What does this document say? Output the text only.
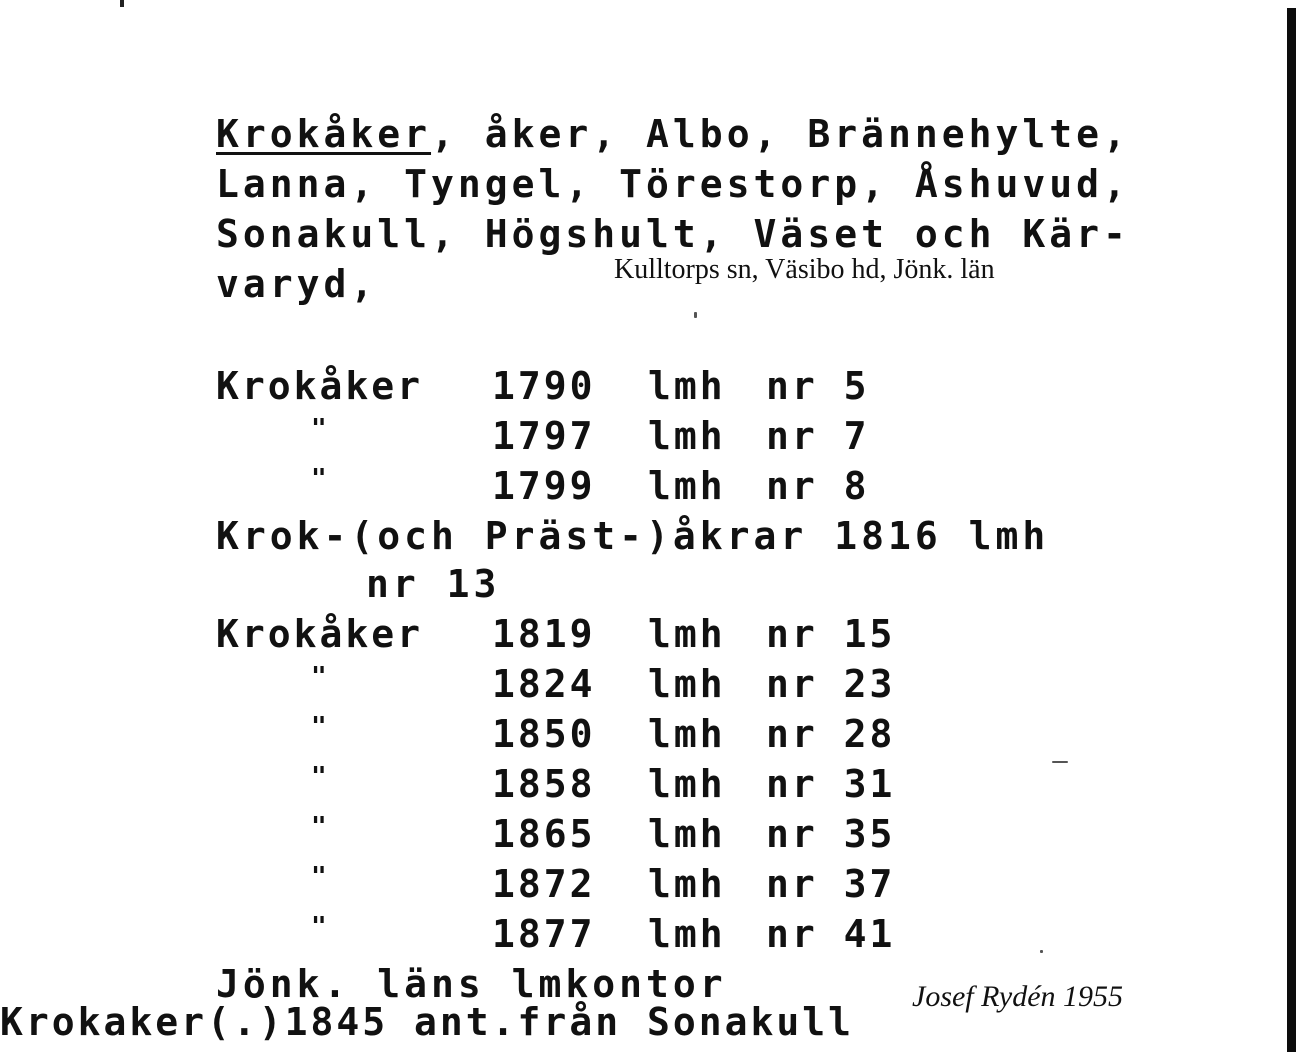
Krokåker, åker, Albo, Brännehylte,
Lanna, Tyngel, Törestorp, Åshuvud,
Sonakull, Högshult, Väset och Kär-
varyd,	Kulltorps sn, Väsibo hd, Jönk. län
Krokåker 1790 lmh nr 5
"	1797 lmh nr 7
"	1799 lmh nr 8
Krok-(och Präst-)åkrar 1816 lmh
nr 13
Krokåker 1819 lmh nr 15
"	1824 lmh nr 23
"	1850 lmh nr 28
"	1858 lmh nr 31
"	1865 lmh nr 35
"	1872 lmh nr 37
"	1877 lmh nr 41
Jönk. läns lmkontor	Josef Rydén 1955
Krokaker(.)1845 ant.från Sonakull
